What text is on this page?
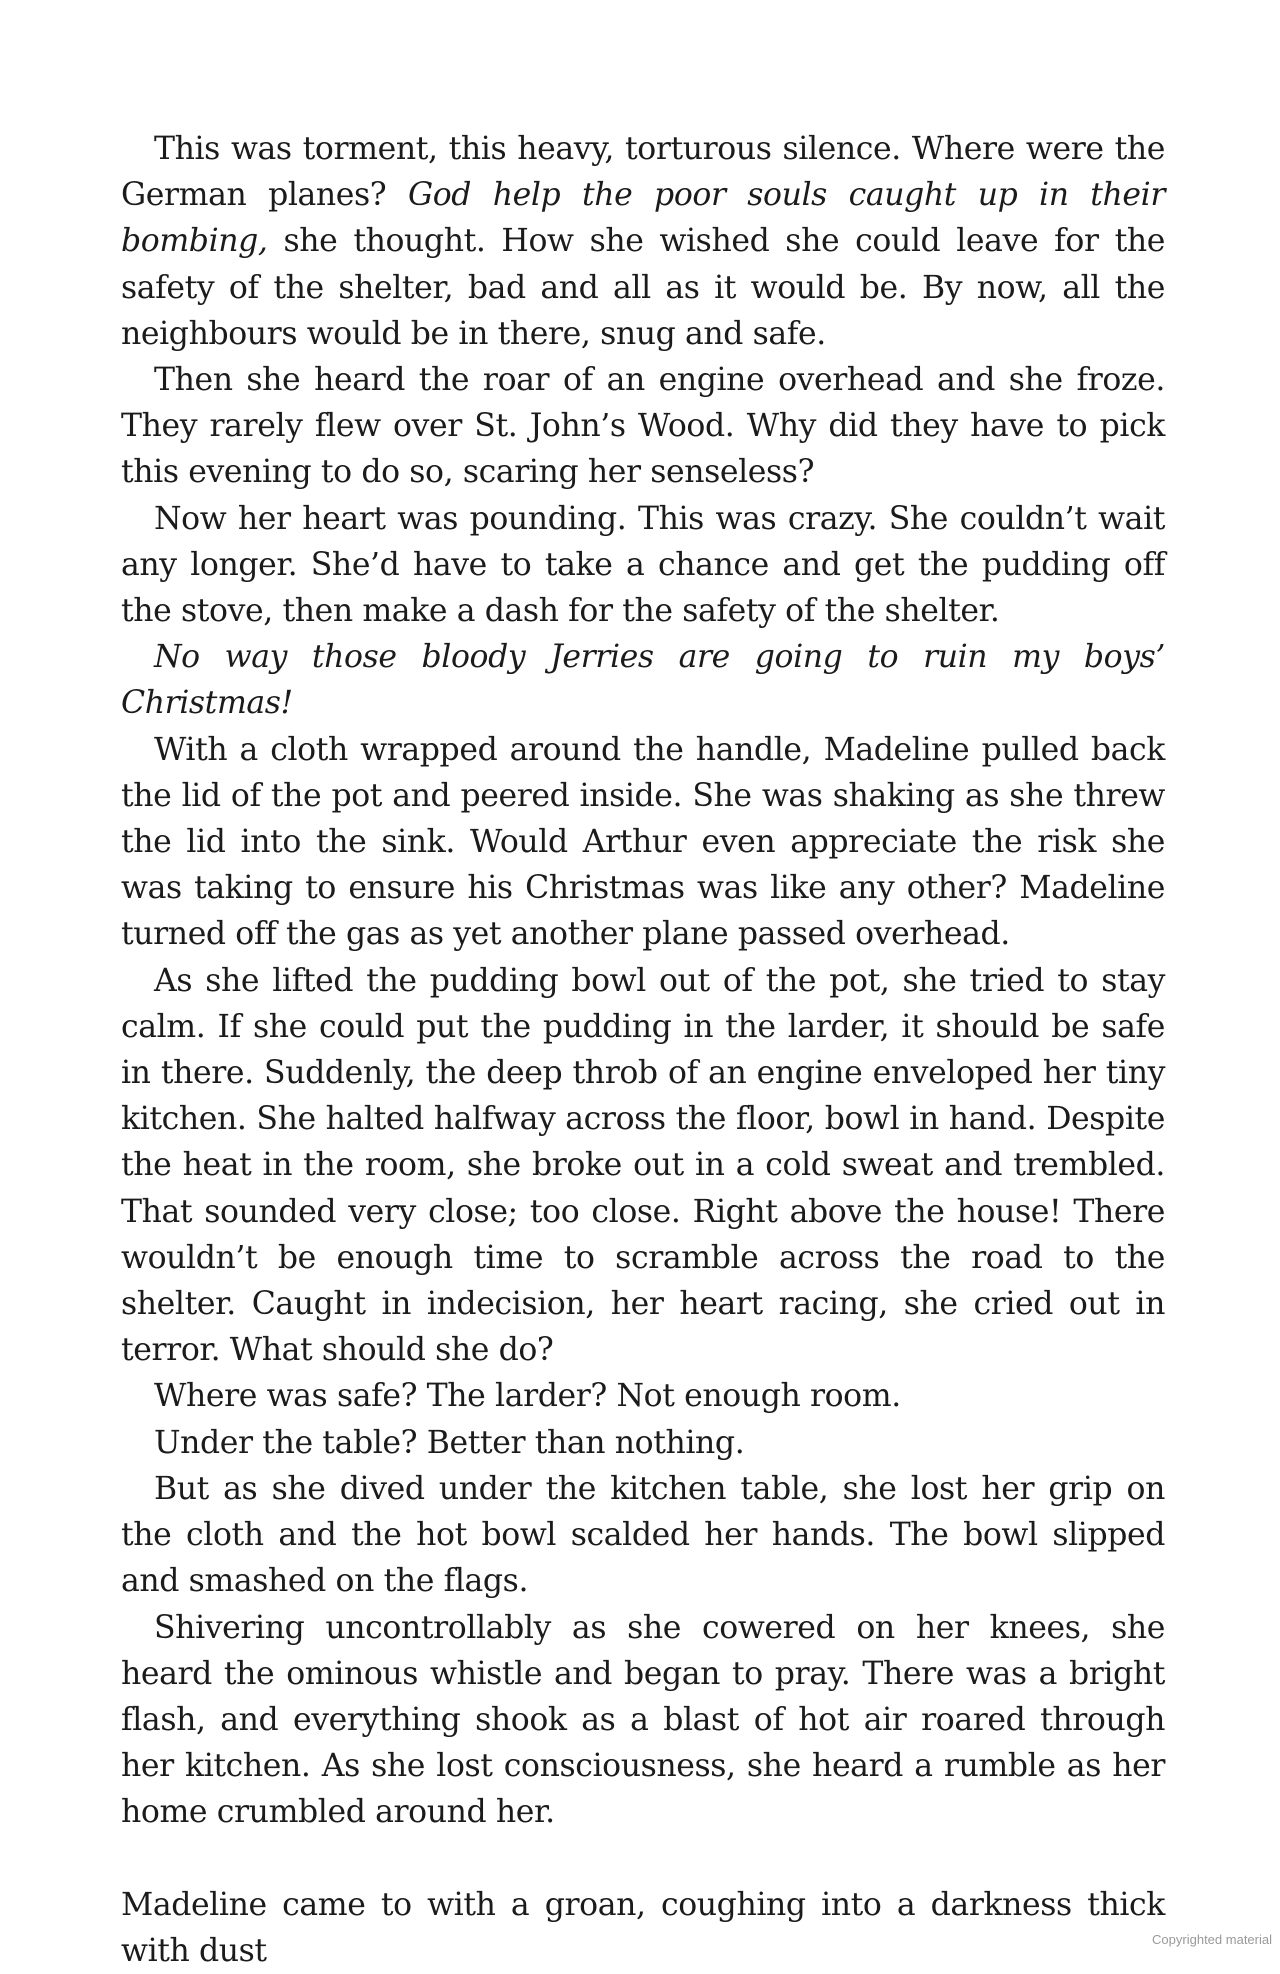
This was torment, this heavy, torturous silence. Where were the German planes? God help the poor souls caught up in their bombing, she thought. How she wished she could leave for the safety of the shelter, bad and all as it would be. By now, all the neighbours would be in there, snug and safe.

Then she heard the roar of an engine overhead and she froze. They rarely flew over St. John’s Wood. Why did they have to pick this evening to do so, scaring her senseless?

Now her heart was pounding. This was crazy. She couldn’t wait any longer. She’d have to take a chance and get the pudding off the stove, then make a dash for the safety of the shelter.

No way those bloody Jerries are going to ruin my boys’ Christmas!

With a cloth wrapped around the handle, Madeline pulled back the lid of the pot and peered inside. She was shaking as she threw the lid into the sink. Would Arthur even appreciate the risk she was taking to ensure his Christmas was like any other? Madeline turned off the gas as yet another plane passed overhead.

As she lifted the pudding bowl out of the pot, she tried to stay calm. If she could put the pudding in the larder, it should be safe in there. Suddenly, the deep throb of an engine enveloped her tiny kitchen. She halted halfway across the floor, bowl in hand. Despite the heat in the room, she broke out in a cold sweat and trembled. That sounded very close; too close. Right above the house! There wouldn’t be enough time to scramble across the road to the shelter. Caught in indecision, her heart racing, she cried out in terror. What should she do?

Where was safe? The larder? Not enough room.

Under the table? Better than nothing.

But as she dived under the kitchen table, she lost her grip on the cloth and the hot bowl scalded her hands. The bowl slipped and smashed on the flags.

Shivering uncontrollably as she cowered on her knees, she heard the ominous whistle and began to pray. There was a bright flash, and everything shook as a blast of hot air roared through her kitchen. As she lost consciousness, she heard a rumble as her home crumbled around her.

Madeline came to with a groan, coughing into a darkness thick with dust	Copyrighted material
